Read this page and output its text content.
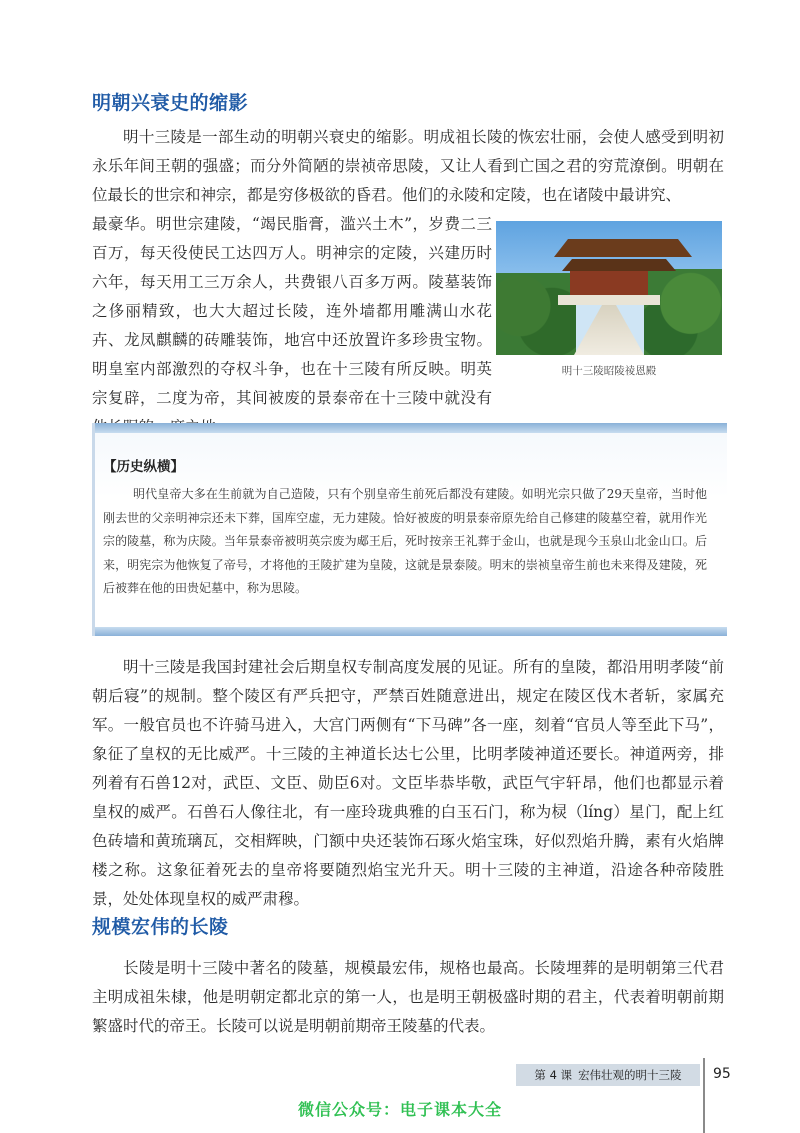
明朝兴衰史的缩影

明十三陵是一部生动的明朝兴衰史的缩影。明成祖长陵的恢宏壮丽，会使人感受到明初永乐年间王朝的强盛；而分外简陋的崇祯帝思陵，又让人看到亡国之君的穷荒潦倒。明朝在位最长的世宗和神宗，都是穷侈极欲的昏君。他们的永陵和定陵，也在诸陵中最讲究、

最豪华。明世宗建陵，“竭民脂膏，滥兴土木”，岁费二三百万，每天役使民工达四万人。明神宗的定陵，兴建历时六年，每天用工三万余人，共费银八百多万两。陵墓装饰之侈丽精致，也大大超过长陵，连外墙都用雕满山水花卉、龙凤麒麟的砖雕装饰，地宫中还放置许多珍贵宝物。明皇室内部激烈的夺权斗争，也在十三陵有所反映。明英宗复辟，二度为帝，其间被废的景泰帝在十三陵中就没有

明十三陵昭陵祾恩殿
【历史纵横】

明代皇帝大多在生前就为自己造陵，只有个别皇帝生前死后都没有建陵。如明光宗只做了29天皇帝，当时他刚去世的父亲明神宗还未下葬，国库空虚，无力建陵。恰好被废的明景泰帝原先给自己修建的陵墓空着，就用作光宗的陵墓，称为庆陵。当年景泰帝被明英宗废为郕王后，死时按亲王礼葬于金山，也就是现今玉泉山北金山口。后来，明宪宗为他恢复了帝号，才将他的王陵扩建为皇陵，这就是景泰陵。明末的崇祯皇帝生前也未来得及建陵，死后被葬在他的田贵妃墓中，称为思陵。

明十三陵是我国封建社会后期皇权专制高度发展的见证。所有的皇陵，都沿用明孝陵“前朝后寝”的规制。整个陵区有严兵把守，严禁百姓随意进出，规定在陵区伐木者斩，家属充军。一般官员也不许骑马进入，大宫门两侧有“下马碑”各一座，刻着“官员人等至此下马”，象征了皇权的无比威严。十三陵的主神道长达七公里，比明孝陵神道还要长。神道两旁，排列着有石兽12对，武臣、文臣、勋臣6对。文臣毕恭毕敬，武臣气宇轩昂，他们也都显示着皇权的威严。石兽石人像往北，有一座玲珑典雅的白玉石门，称为棂（líng）星门，配上红色砖墙和黄琉璃瓦，交相辉映，门额中央还装饰石琢火焰宝珠，好似烈焰升腾，素有火焰牌楼之称。这象征着死去的皇帝将要随烈焰宝光升天。明十三陵的主神道，沿途各种帝陵胜景，处处体现皇权的威严肃穆。

规模宏伟的长陵

长陵是明十三陵中著名的陵墓，规模最宏伟，规格也最高。长陵埋葬的是明朝第三代君主明成祖朱棣，他是明朝定都北京的第一人，也是明王朝极盛时期的君主，代表着明朝前期繁盛时代的帝王。长陵可以说是明朝前期帝王陵墓的代表。

第 4 课 宏伟壮观的明十三陵 95
微信公众号：电子课本大全
